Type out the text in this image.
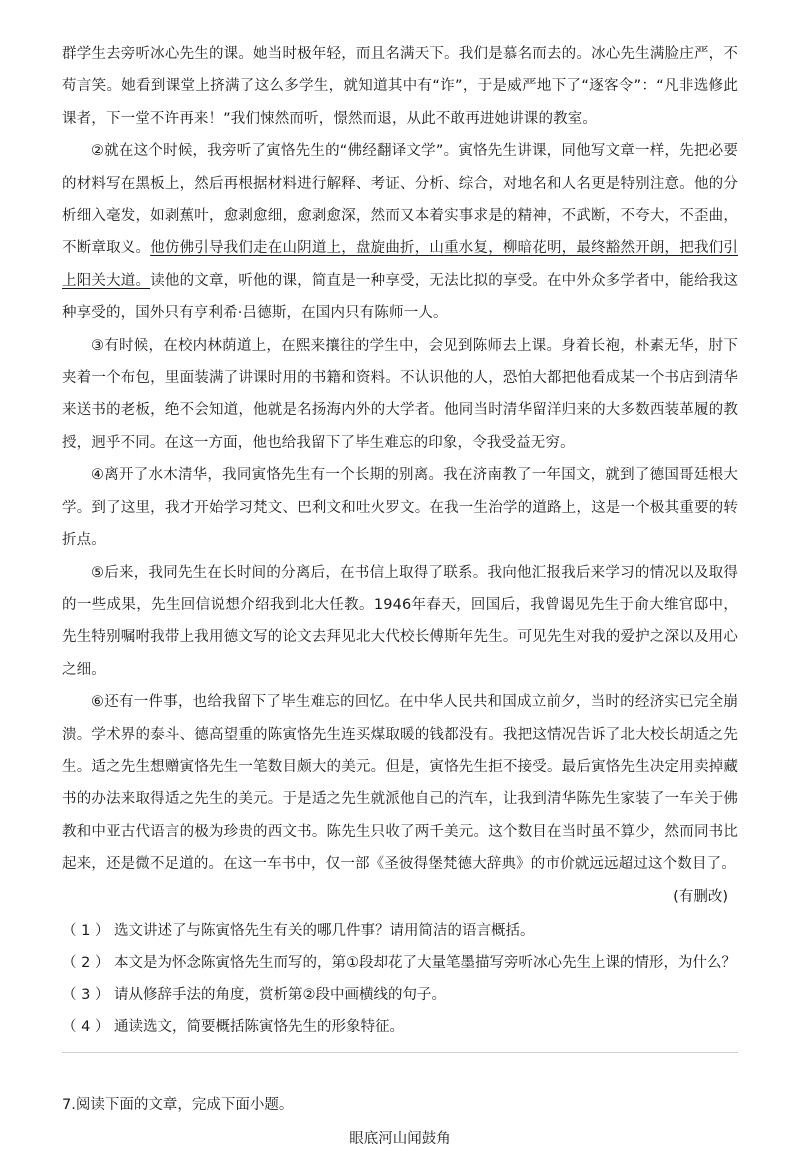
群学生去旁听冰心先生的课。她当时极年轻，而且名满天下。我们是慕名而去的。冰心先生满脸庄严，不苟言笑。她看到课堂上挤满了这么多学生，就知道其中有“诈”，于是威严地下了“逐客令”：“凡非选修此课者，下一堂不许再来！”我们悚然而听，憬然而退，从此不敢再进她讲课的教室。

②就在这个时候，我旁听了寅恪先生的“佛经翻译文学”。寅恪先生讲课，同他写文章一样，先把必要的材料写在黑板上，然后再根据材料进行解释、考证、分析、综合，对地名和人名更是特别注意。他的分析细入毫发，如剥蕉叶，愈剥愈细，愈剥愈深，然而又本着实事求是的精神，不武断，不夸大，不歪曲，不断章取义。他仿佛引导我们走在山阴道上，盘旋曲折，山重水复，柳暗花明，最终豁然开朗，把我们引上阳关大道。读他的文章，听他的课，简直是一种享受，无法比拟的享受。在中外众多学者中，能给我这种享受的，国外只有亨利希·吕德斯，在国内只有陈师一人。

③有时候，在校内林荫道上，在熙来攘往的学生中，会见到陈师去上课。身着长袍，朴素无华，肘下夹着一个布包，里面装满了讲课时用的书籍和资料。不认识他的人，恐怕大都把他看成某一个书店到清华来送书的老板，绝不会知道，他就是名扬海内外的大学者。他同当时清华留洋归来的大多数西装革履的教授，迥乎不同。在这一方面，他也给我留下了毕生难忘的印象，令我受益无穷。

④离开了水木清华，我同寅恪先生有一个长期的别离。我在济南教了一年国文，就到了德国哥廷根大学。到了这里，我才开始学习梵文、巴利文和吐火罗文。在我一生治学的道路上，这是一个极其重要的转折点。

⑤后来，我同先生在长时间的分离后，在书信上取得了联系。我向他汇报我后来学习的情况以及取得的一些成果，先生回信说想介绍我到北大任教。1946年春天，回国后，我曾谒见先生于俞大维官邸中，先生特别嘱咐我带上我用德文写的论文去拜见北大代校长傅斯年先生。可见先生对我的爱护之深以及用心之细。

⑥还有一件事，也给我留下了毕生难忘的回忆。在中华人民共和国成立前夕，当时的经济实已完全崩溃。学术界的泰斗、德高望重的陈寅恪先生连买煤取暖的钱都没有。我把这情况告诉了北大校长胡适之先生。适之先生想赠寅恪先生一笔数目颇大的美元。但是，寅恪先生拒不接受。最后寅恪先生决定用卖掉藏书的办法来取得适之先生的美元。于是适之先生就派他自己的汽车，让我到清华陈先生家装了一车关于佛教和中亚古代语言的极为珍贵的西文书。陈先生只收了两千美元。这个数目在当时虽不算少，然而同书比起来，还是微不足道的。在这一车书中，仅一部《圣彼得堡梵德大辞典》的市价就远远超过这个数目了。

(有删改)

（ 1 ） 选文讲述了与陈寅恪先生有关的哪几件事？请用简洁的语言概括。

（ 2 ） 本文是为怀念陈寅恪先生而写的，第①段却花了大量笔墨描写旁听冰心先生上课的情形，为什么？

（ 3 ） 请从修辞手法的角度，赏析第②段中画横线的句子。

（ 4 ） 通读选文，简要概括陈寅恪先生的形象特征。

7.阅读下面的文章，完成下面小题。

眼底河山闻鼓角
